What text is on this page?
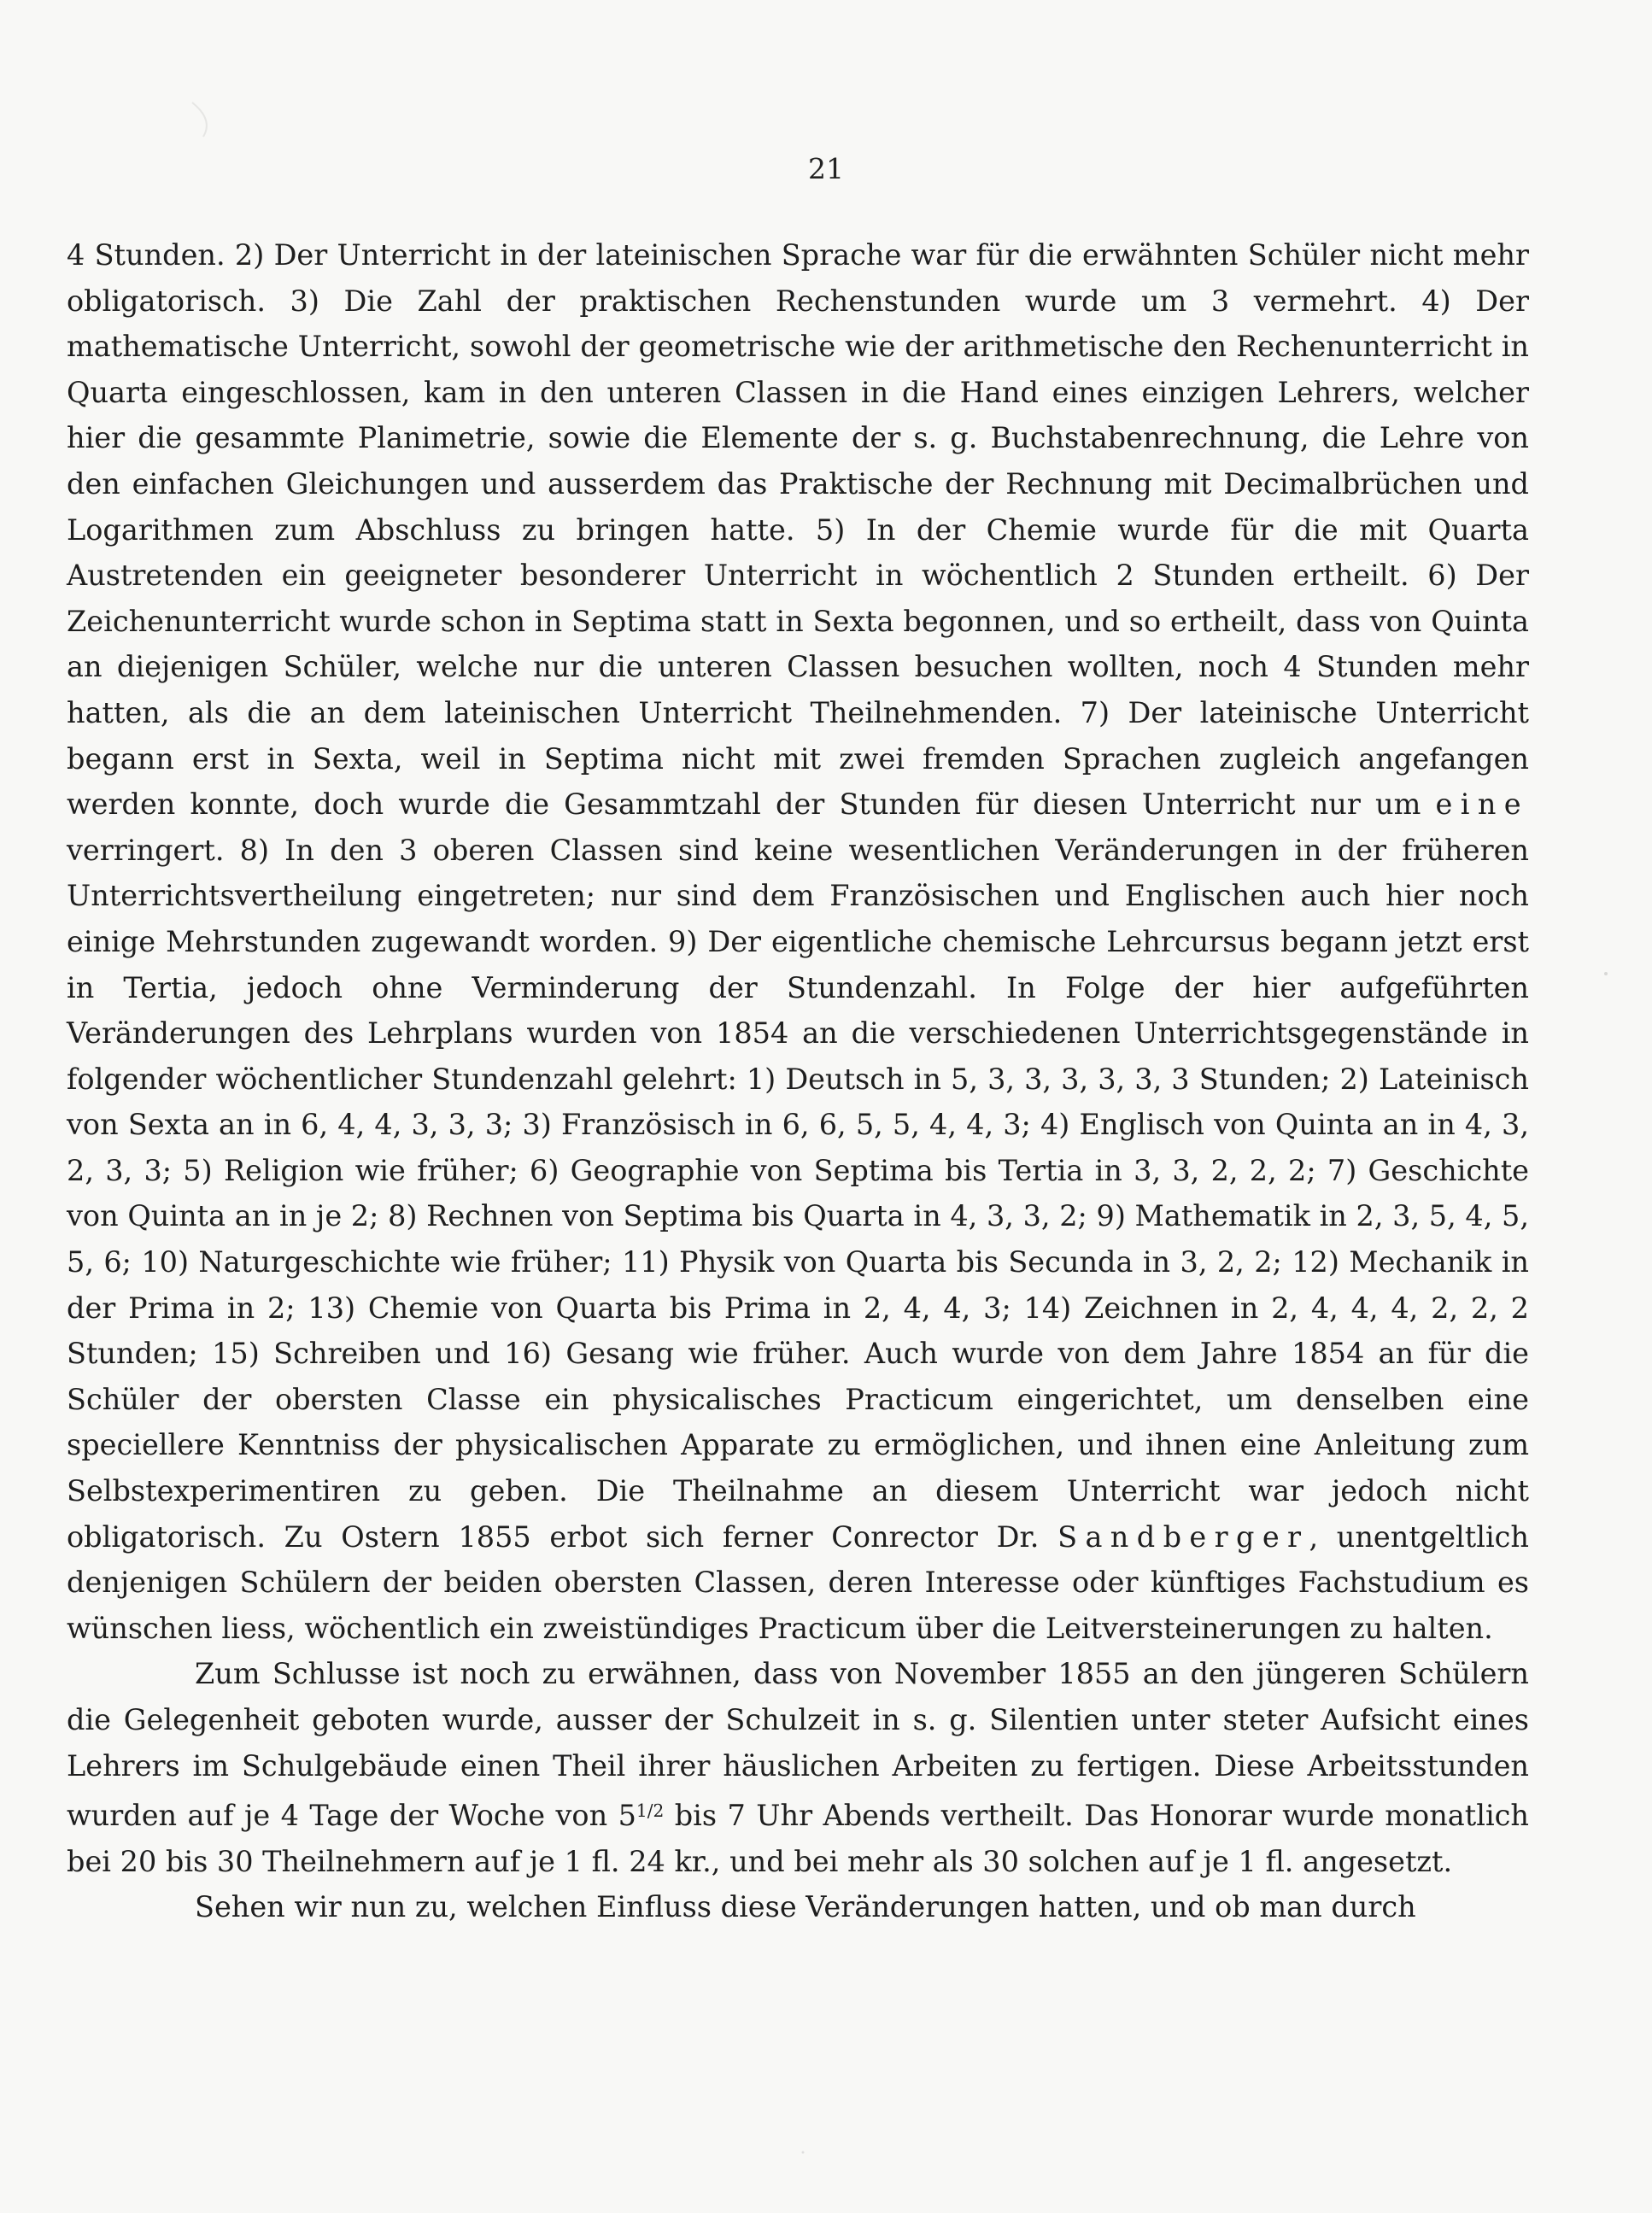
21

4 Stunden. 2) Der Unterricht in der lateinischen Sprache war für die erwähnten Schüler nicht mehr obligatorisch. 3) Die Zahl der praktischen Rechenstunden wurde um 3 vermehrt. 4) Der mathematische Unterricht, sowohl der geometrische wie der arithmetische den Rechenunterricht in Quarta eingeschlossen, kam in den unteren Classen in die Hand eines einzigen Lehrers, welcher hier die gesammte Planimetrie, sowie die Elemente der s. g. Buchstabenrechnung, die Lehre von den einfachen Gleichungen und ausserdem das Praktische der Rechnung mit Decimalbrüchen und Logarithmen zum Abschluss zu bringen hatte. 5) In der Chemie wurde für die mit Quarta Austretenden ein geeigneter besonderer Unterricht in wöchentlich 2 Stunden ertheilt. 6) Der Zeichenunterricht wurde schon in Septima statt in Sexta begonnen, und so ertheilt, dass von Quinta an diejenigen Schüler, welche nur die unteren Classen besuchen wollten, noch 4 Stunden mehr hatten, als die an dem lateinischen Unterricht Theilnehmenden. 7) Der lateinische Unterricht begann erst in Sexta, weil in Septima nicht mit zwei fremden Sprachen zugleich angefangen werden konnte, doch wurde die Gesammtzahl der Stunden für diesen Unterricht nur um eine verringert. 8) In den 3 oberen Classen sind keine wesentlichen Veränderungen in der früheren Unterrichtsvertheilung eingetreten; nur sind dem Französischen und Englischen auch hier noch einige Mehrstunden zugewandt worden. 9) Der eigentliche chemische Lehrcursus begann jetzt erst in Tertia, jedoch ohne Verminderung der Stundenzahl. In Folge der hier aufgeführten Veränderungen des Lehrplans wurden von 1854 an die verschiedenen Unterrichtsgegenstände in folgender wöchentlicher Stundenzahl gelehrt: 1) Deutsch in 5, 3, 3, 3, 3, 3, 3 Stunden; 2) Lateinisch von Sexta an in 6, 4, 4, 3, 3, 3; 3) Französisch in 6, 6, 5, 5, 4, 4, 3; 4) Englisch von Quinta an in 4, 3, 2, 3, 3; 5) Religion wie früher; 6) Geographie von Septima bis Tertia in 3, 3, 2, 2, 2; 7) Geschichte von Quinta an in je 2; 8) Rechnen von Septima bis Quarta in 4, 3, 3, 2; 9) Mathematik in 2, 3, 5, 4, 5, 5, 6; 10) Naturgeschichte wie früher; 11) Physik von Quarta bis Secunda in 3, 2, 2; 12) Mechanik in der Prima in 2; 13) Chemie von Quarta bis Prima in 2, 4, 4, 3; 14) Zeichnen in 2, 4, 4, 4, 2, 2, 2 Stunden; 15) Schreiben und 16) Gesang wie früher. Auch wurde von dem Jahre 1854 an für die Schüler der obersten Classe ein physicalisches Practicum eingerichtet, um denselben eine speciellere Kenntniss der physicalischen Apparate zu ermöglichen, und ihnen eine Anleitung zum Selbstexperimentiren zu geben. Die Theilnahme an diesem Unterricht war jedoch nicht obligatorisch. Zu Ostern 1855 erbot sich ferner Conrector Dr. Sandberger, unentgeltlich denjenigen Schülern der beiden obersten Classen, deren Interesse oder künftiges Fachstudium es wünschen liess, wöchentlich ein zweistündiges Practicum über die Leitversteinerungen zu halten.

Zum Schlusse ist noch zu erwähnen, dass von November 1855 an den jüngeren Schülern die Gelegenheit geboten wurde, ausser der Schulzeit in s. g. Silentien unter steter Aufsicht eines Lehrers im Schulgebäude einen Theil ihrer häuslichen Arbeiten zu fertigen. Diese Arbeitsstunden wurden auf je 4 Tage der Woche von $5^{1/2}$ bis 7 Uhr Abends vertheilt. Das Honorar wurde monatlich bei 20 bis 30 Theilnehmern auf je 1 fl. 24 kr., und bei mehr als 30 solchen auf je 1 fl. angesetzt.

Sehen wir nun zu, welchen Einfluss diese Veränderungen hatten, und ob man durch
